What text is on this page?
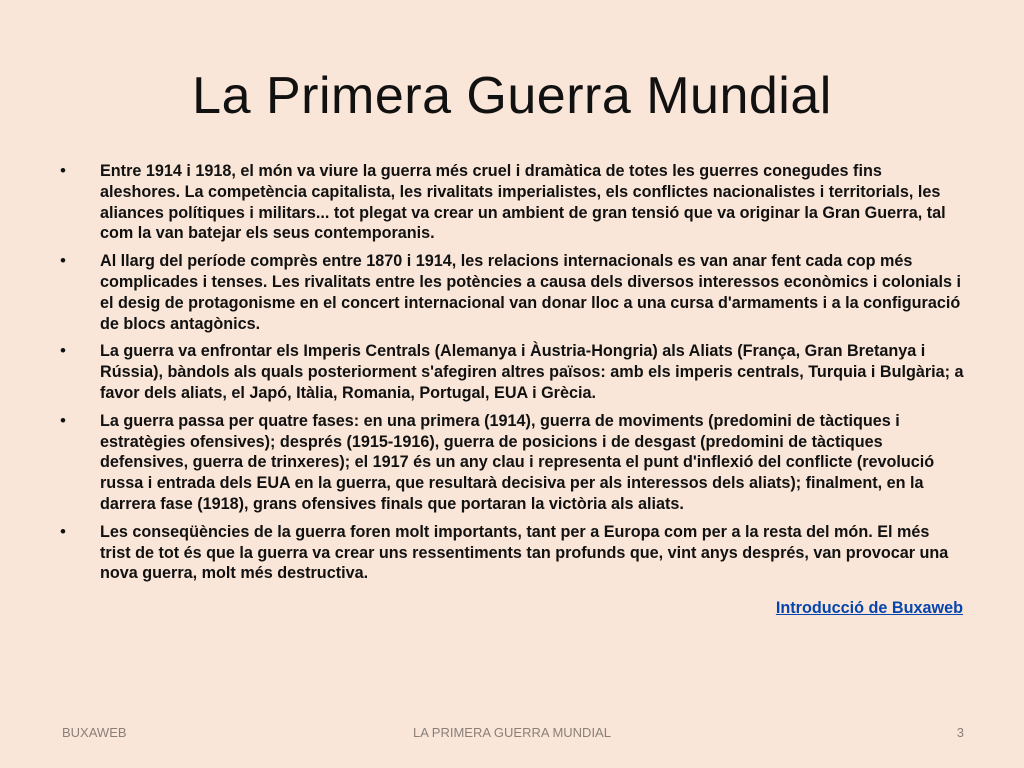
La Primera Guerra Mundial
•	Entre 1914 i 1918, el món va viure la guerra més cruel i dramàtica de totes les guerres conegudes fins aleshores. La competència capitalista, les rivalitats imperialistes, els conflictes nacionalistes i territorials, les aliances polítiques i militars... tot plegat va crear un ambient de gran tensió que va originar la Gran Guerra, tal com la van batejar els seus contemporanis.
•	Al llarg del període comprès entre 1870 i 1914, les relacions internacionals es van anar fent cada cop més complicades i tenses. Les rivalitats entre les potències a causa dels diversos interessos econòmics i colonials i el desig de protagonisme en el concert internacional van donar lloc a una cursa d'armaments i a la configuració de blocs antagònics.
•	La guerra va enfrontar els Imperis Centrals (Alemanya i Àustria-Hongria) als Aliats (França, Gran Bretanya i Rússia), bàndols als quals posteriorment s'afegiren altres països: amb els imperis centrals, Turquia i Bulgària; a favor dels aliats, el Japó, Itàlia, Romania, Portugal, EUA i Grècia.
•	La guerra passa per quatre fases: en una primera (1914), guerra de moviments (predomini de tàctiques i estratègies ofensives); després (1915-1916), guerra de posicions i de desgast (predomini de tàctiques defensives, guerra de trinxeres); el 1917 és un any clau i representa el punt d'inflexió del conflicte (revolució russa i entrada dels EUA en la guerra, que resultarà decisiva per als interessos dels aliats); finalment, en la darrera fase (1918), grans ofensives finals que portaran la victòria als aliats.
•	Les conseqüències de la guerra foren molt importants, tant per a Europa com per a la resta del món. El més trist de tot és que la guerra va crear uns ressentiments tan profunds que, vint anys després, van provocar una nova guerra, molt més destructiva.
Introducció de Buxaweb
BUXAWEB	LA PRIMERA GUERRA MUNDIAL	3
